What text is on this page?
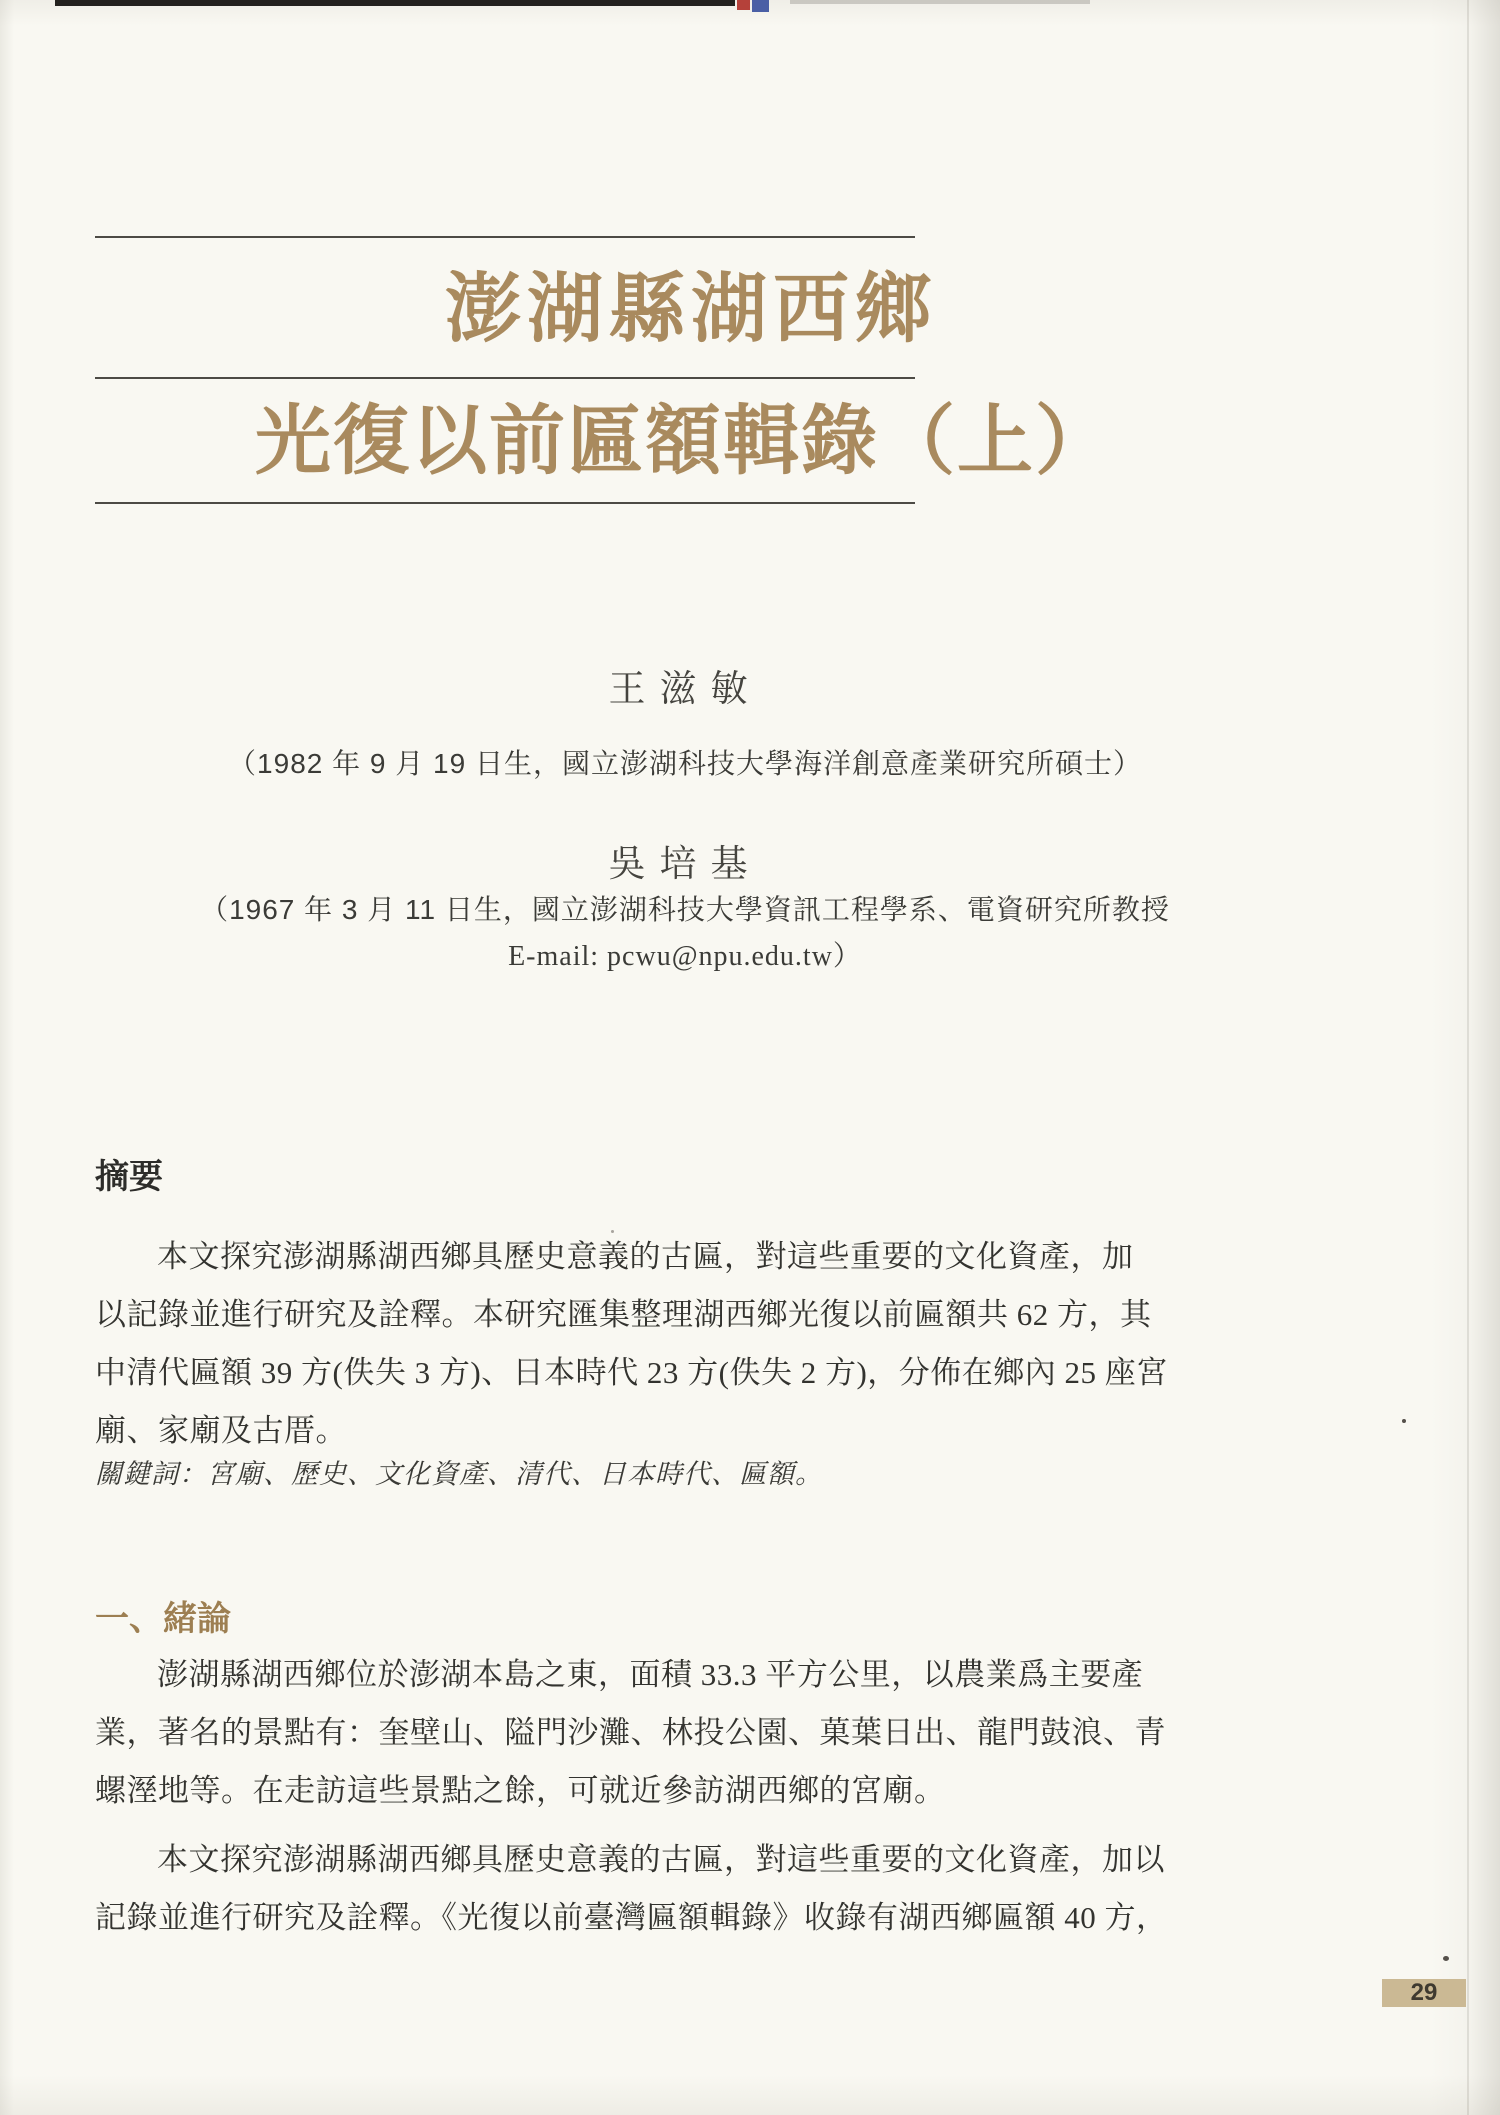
澎湖縣湖西鄉
光復以前匾額輯錄（上）
王滋敏
（1982 年 9 月 19 日生，國立澎湖科技大學海洋創意產業研究所碩士）
吳培基
（1967 年 3 月 11 日生，國立澎湖科技大學資訊工程學系、電資研究所教授
E-mail: pcwu@npu.edu.tw）
摘要
本文探究澎湖縣湖西鄉具歷史意義的古匾，對這些重要的文化資產，加
以記錄並進行研究及詮釋。本研究匯集整理湖西鄉光復以前匾額共 62 方，其
中清代匾額 39 方(佚失 3 方)、日本時代 23 方(佚失 2 方)，分佈在鄉內 25 座宮
廟、家廟及古厝。
關鍵詞：宮廟、歷史、文化資產、清代、日本時代、匾額。
一、緒論
澎湖縣湖西鄉位於澎湖本島之東，面積 33.3 平方公里，以農業爲主要產
業，著名的景點有：奎壁山、隘門沙灘、林投公園、菓葉日出、龍門鼓浪、青
螺溼地等。在走訪這些景點之餘，可就近參訪湖西鄉的宮廟。
本文探究澎湖縣湖西鄉具歷史意義的古匾，對這些重要的文化資產，加以
記錄並進行研究及詮釋。《光復以前臺灣匾額輯錄》收錄有湖西鄉匾額 40 方，
29
